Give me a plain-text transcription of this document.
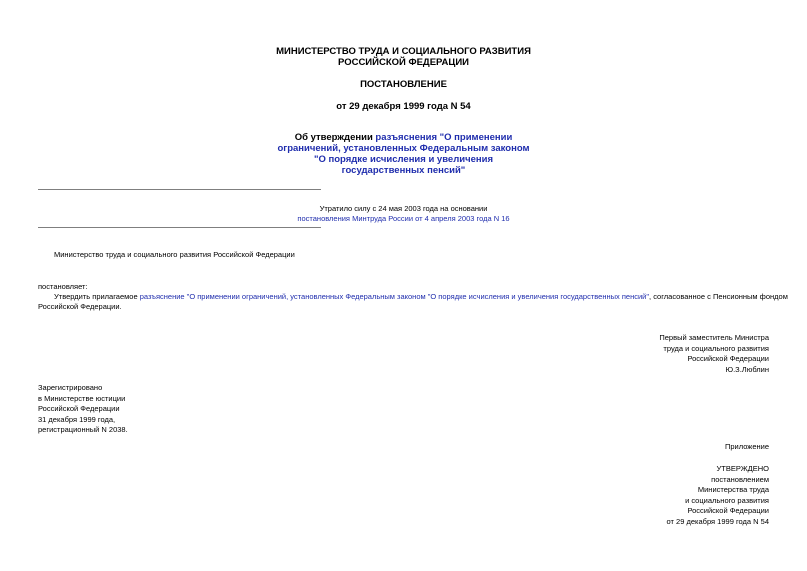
МИНИСТЕРСТВО ТРУДА И СОЦИАЛЬНОГО РАЗВИТИЯ
РОССИЙСКОЙ ФЕДЕРАЦИИ
ПОСТАНОВЛЕНИЕ
от 29 декабря 1999 года N 54
Об утверждении разъяснения "О применении
ограничений, установленных Федеральным законом
"О порядке исчисления и увеличения
государственных пенсий"
Утратило силу с 24 мая 2003 года на основании
постановления Минтруда России от 4 апреля 2003 года N 16
Министерство труда и социального развития Российской Федерации
постановляет:
Утвердить прилагаемое разъяснение "О применении ограничений, установленных Федеральным законом "О порядке исчисления и увеличения государственных пенсий", согласованное с Пенсионным фондом
Российской Федерации.
Первый заместитель Министра
труда и социального развития
Российской Федерации
Ю.З.Люблин
Зарегистрировано
в Министерстве юстиции
Российской Федерации
31 декабря 1999 года,
регистрационный N 2038.
Приложение
УТВЕРЖДЕНО
постановлением
Министерства труда
и социального развития
Российской Федерации
от 29 декабря 1999 года N 54
